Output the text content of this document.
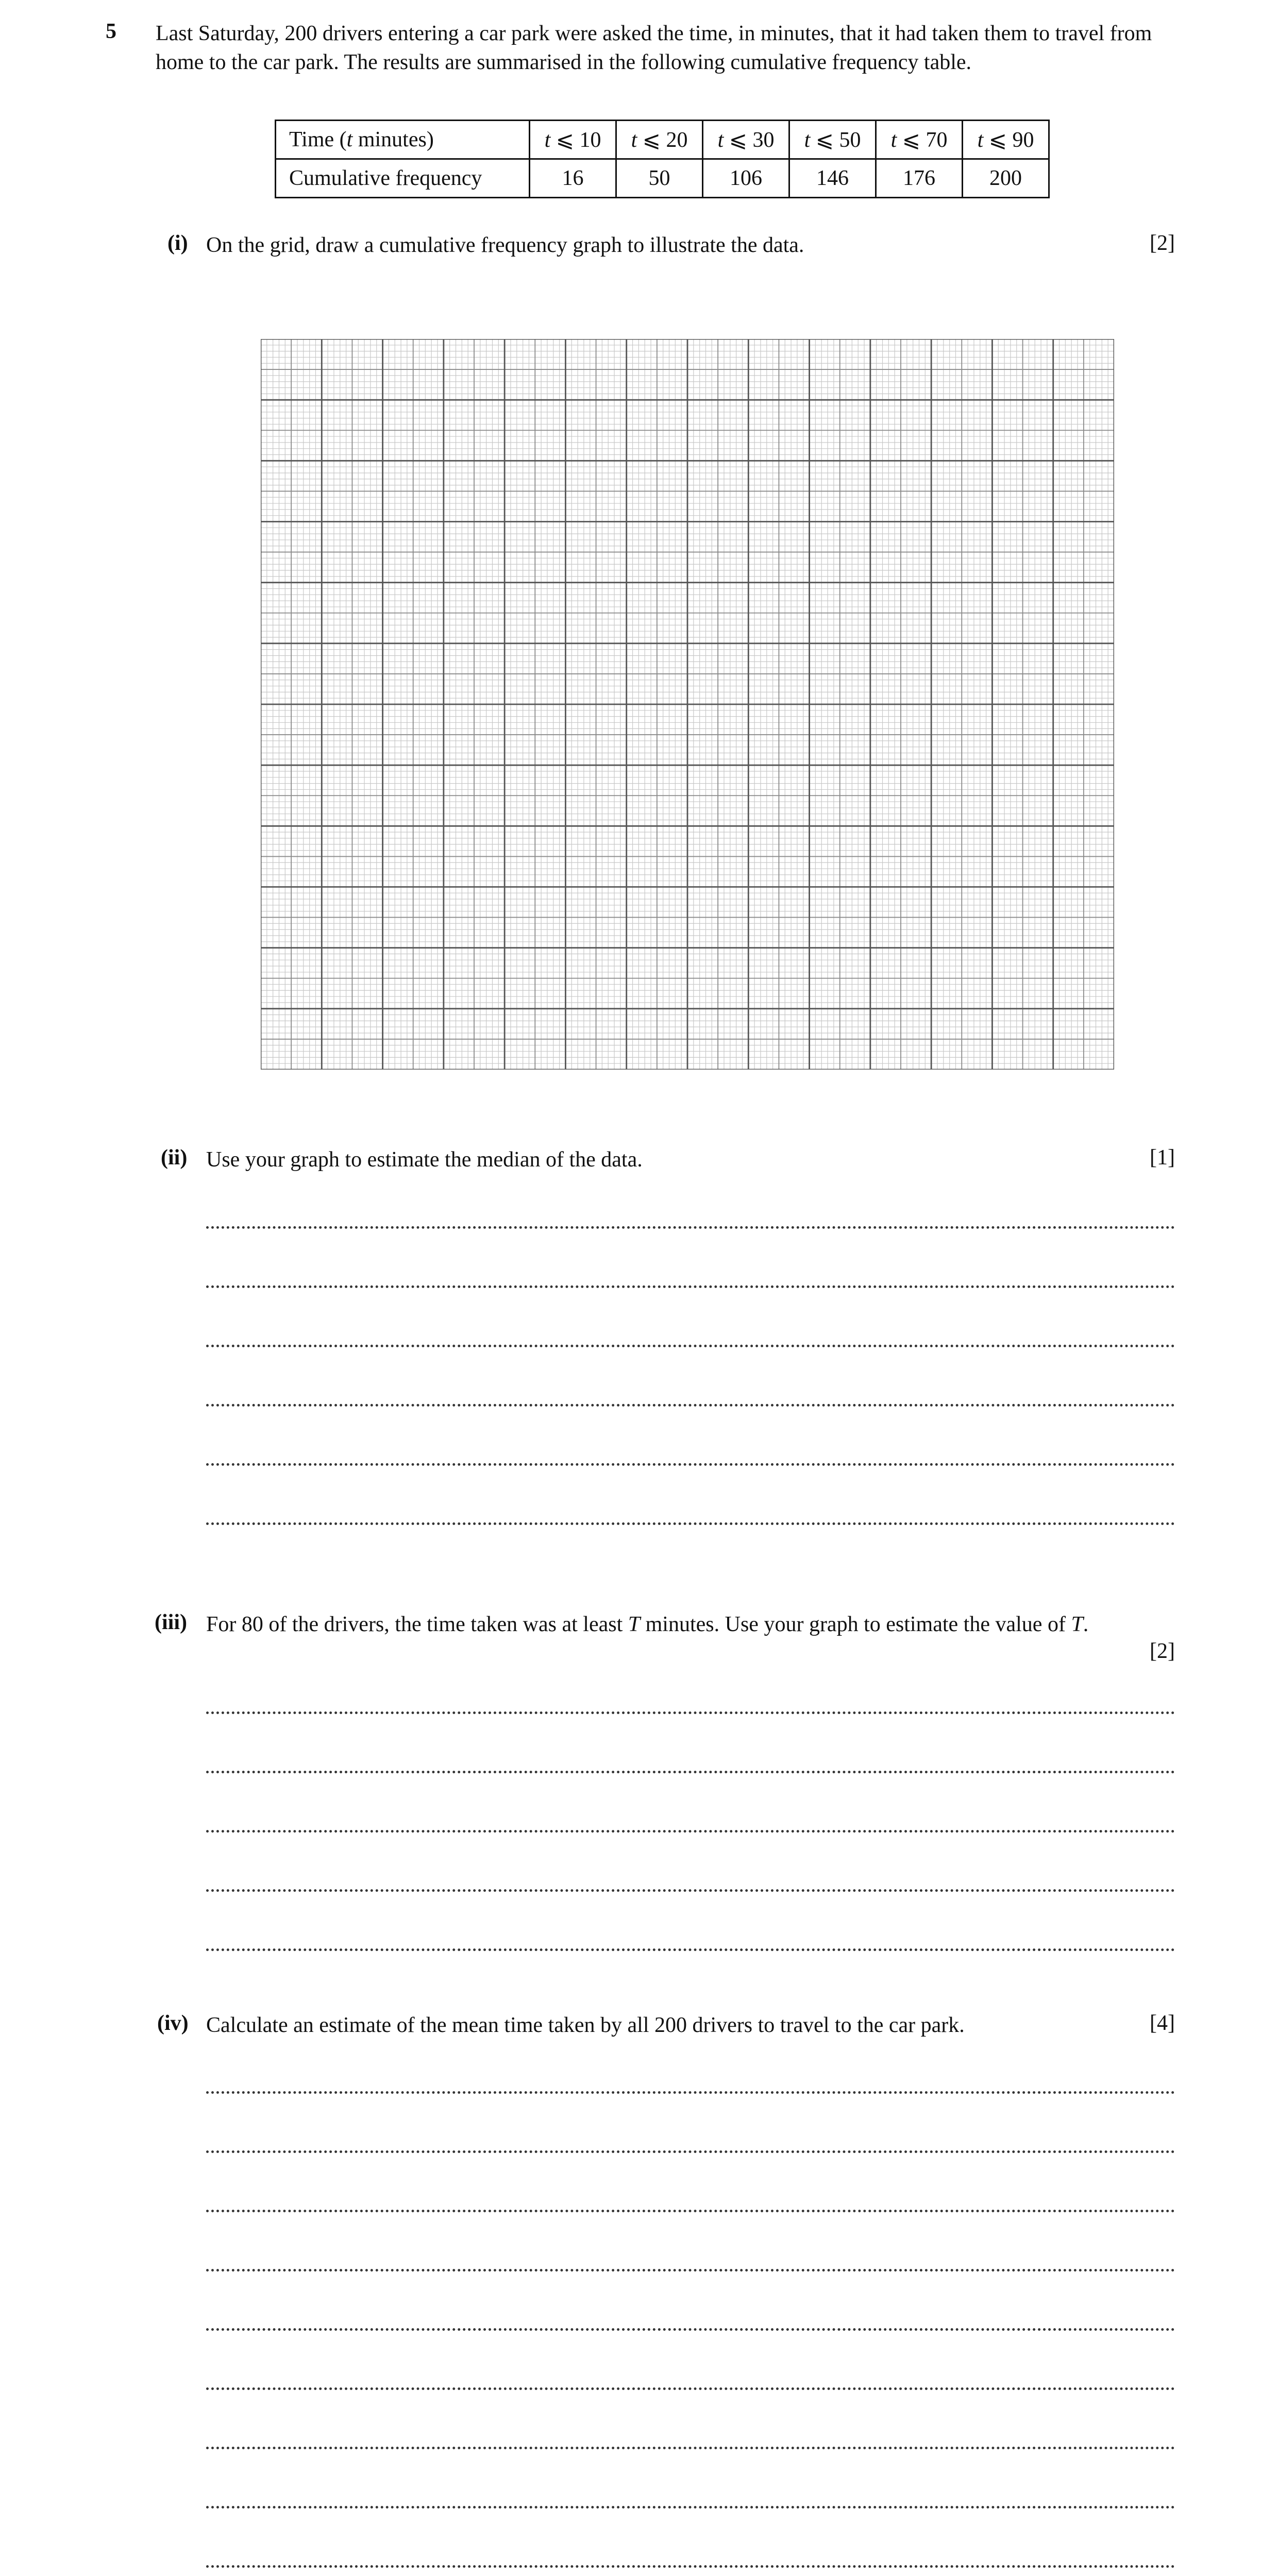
5 Last Saturday, 200 drivers entering a car park were asked the time, in minutes, that it had taken them to travel from home to the car park. The results are summarised in the following cumulative frequency table.
Time (t minutes)	t ⩽ 10	t ⩽ 20	t ⩽ 30	t ⩽ 50	t ⩽ 70	t ⩽ 90
Cumulative frequency	16	50	106	146	176	200
(i) On the grid, draw a cumulative frequency graph to illustrate the data.	[2]
(ii) Use your graph to estimate the median of the data.	[1]
(iii) For 80 of the drivers, the time taken was at least T minutes. Use your graph to estimate the value of T.
[2]
(iv) Calculate an estimate of the mean time taken by all 200 drivers to travel to the car park.	[4]
